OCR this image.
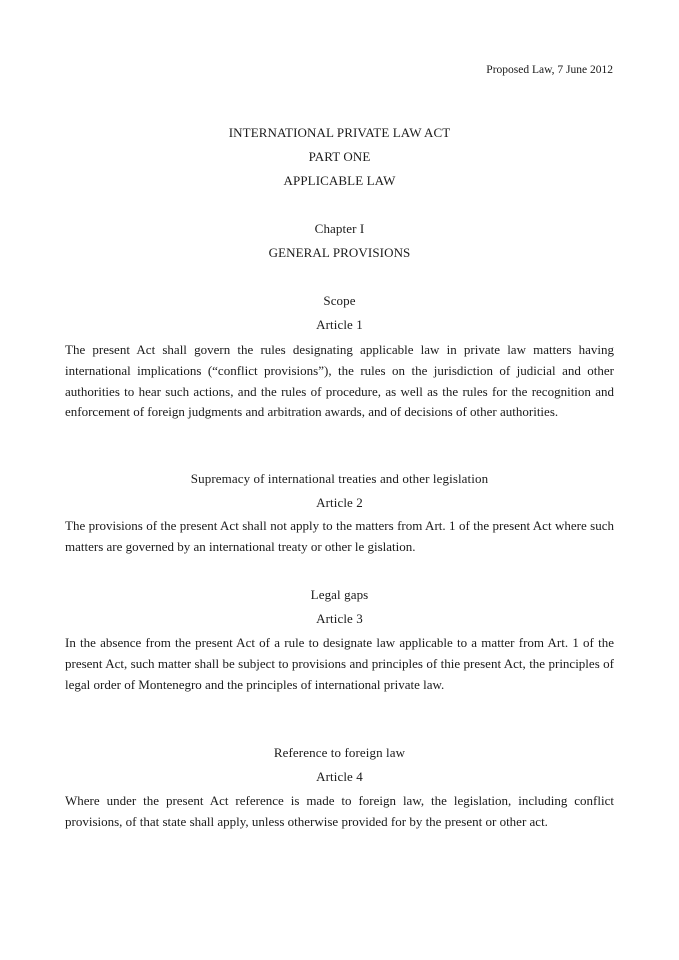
Proposed Law, 7 June 2012
INTERNATIONAL PRIVATE LAW ACT
PART ONE
APPLICABLE LAW
Chapter I
GENERAL PROVISIONS
Scope
Article 1
The present Act shall govern the rules designating applicable law in private law matters having international implications (“conflict provisions”), the rules on the jurisdiction of judicial and other authorities to hear such actions, and the rules of procedure, as well as the rules for the recognition and enforcement of foreign judgments and arbitration awards, and of decisions of other authorities.
Supremacy of international treaties and other legislation
Article 2
The provisions of the present Act shall not apply to the matters from Art. 1 of the present Act where such matters are governed by an international treaty or other le gislation.
Legal gaps
Article 3
In the absence from the present Act of a rule to designate law applicable to a matter from Art. 1 of the present Act, such matter shall be subject to provisions and principles of thie present Act, the principles of legal order of Montenegro and the principles of international private law.
Reference to foreign law
Article 4
Where under the present Act reference is made to foreign law, the legislation, including conflict provisions, of that state shall apply, unless otherwise provided for by the present or other act.
